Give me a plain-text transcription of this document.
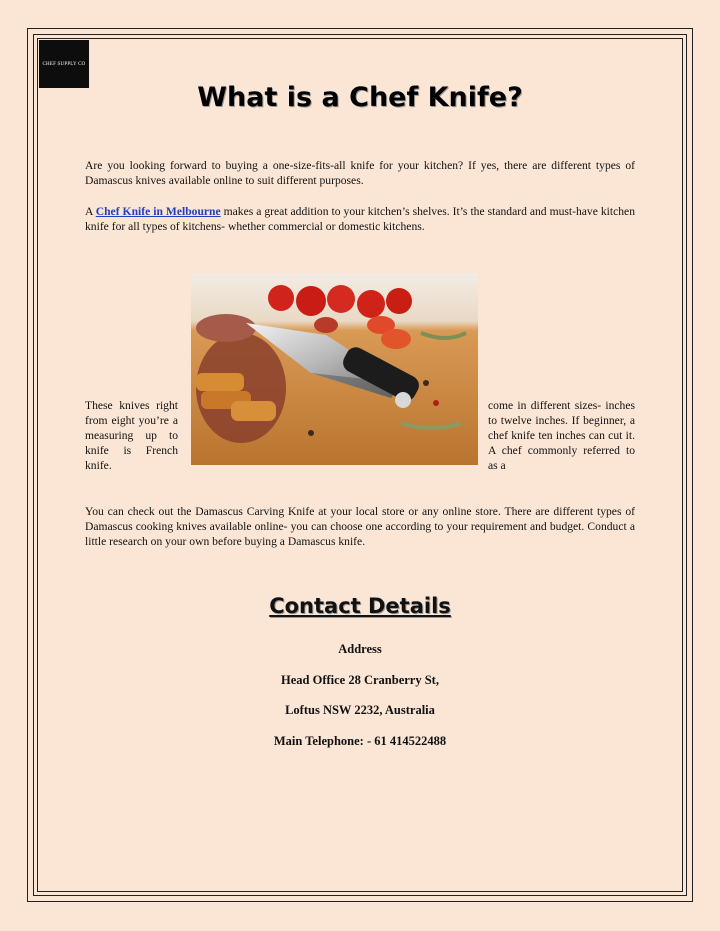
CHEF SUPPLY CO
What is a Chef Knife?

Are you looking forward to buying a one-size-fits-all knife for your kitchen? If yes, there are different types of Damascus knives available online to suit different purposes.

A Chef Knife in Melbourne makes a great addition to your kitchen’s shelves. It’s the standard and must-have kitchen knife for all types of kitchens- whether commercial or domestic kitchens.

These knives right from eight you’re a measuring up to knife is French knife.

come in different sizes- inches to twelve inches. If beginner, a chef knife ten inches can cut it. A chef commonly referred to as a

You can check out the Damascus Carving Knife at your local store or any online store. There are different types of Damascus cooking knives available online- you can choose one according to your requirement and budget. Conduct a little research on your own before buying a Damascus knife.

Contact Details

Address

Head Office 28 Cranberry St,

Loftus NSW 2232, Australia

Main Telephone: - 61 414522488
